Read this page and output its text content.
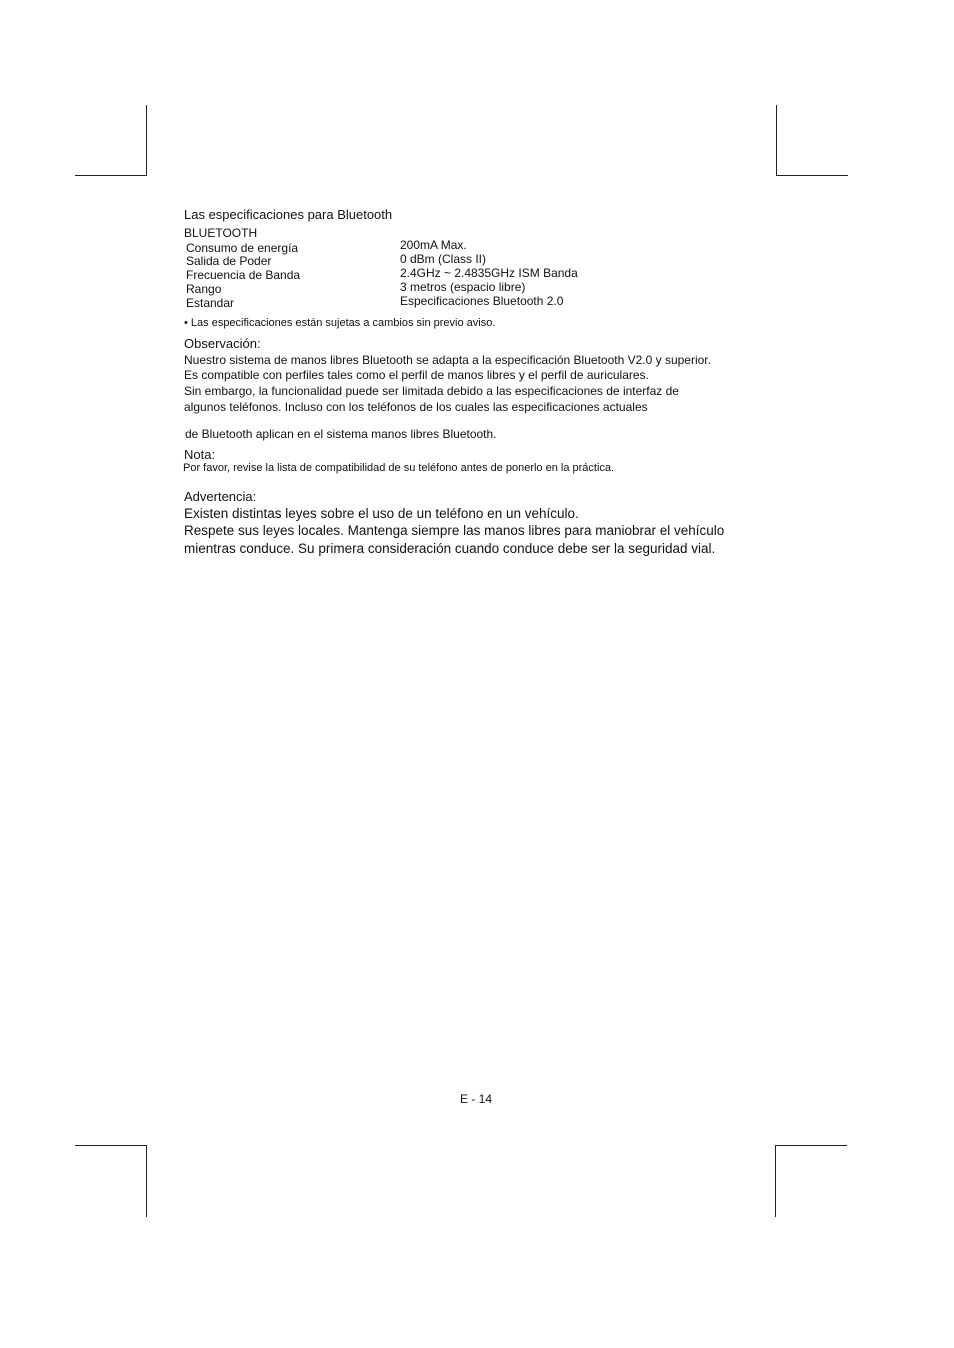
Las especificaciones para Bluetooth
BLUETOOTH
Consumo de energía	200mA Max.
Salida de Poder	0 dBm (Class II)
Frecuencia de Banda	2.4GHz ~ 2.4835GHz ISM Banda
Rango	3 metros (espacio libre)
Estandar	Especificaciones Bluetooth 2.0
• Las especificaciones están sujetas a cambios sin previo aviso.
Observación:
Nuestro sistema de manos libres Bluetooth se adapta a la especificación Bluetooth V2.0 y superior.
Es compatible con perfiles tales como el perfil de manos libres y el perfil de auriculares.
Sin embargo, la funcionalidad puede ser limitada debido a las especificaciones de interfaz de
algunos teléfonos. Incluso con los teléfonos de los cuales las especificaciones actuales
de Bluetooth aplican en el sistema manos libres Bluetooth.
Nota:
Por favor, revise la lista de compatibilidad de su teléfono antes de ponerlo en la práctica.
Advertencia:
Existen distintas leyes sobre el uso de un teléfono en un vehículo.
Respete sus leyes locales. Mantenga siempre las manos libres para maniobrar el vehículo
mientras conduce. Su primera consideración cuando conduce debe ser la seguridad vial.
E - 14
